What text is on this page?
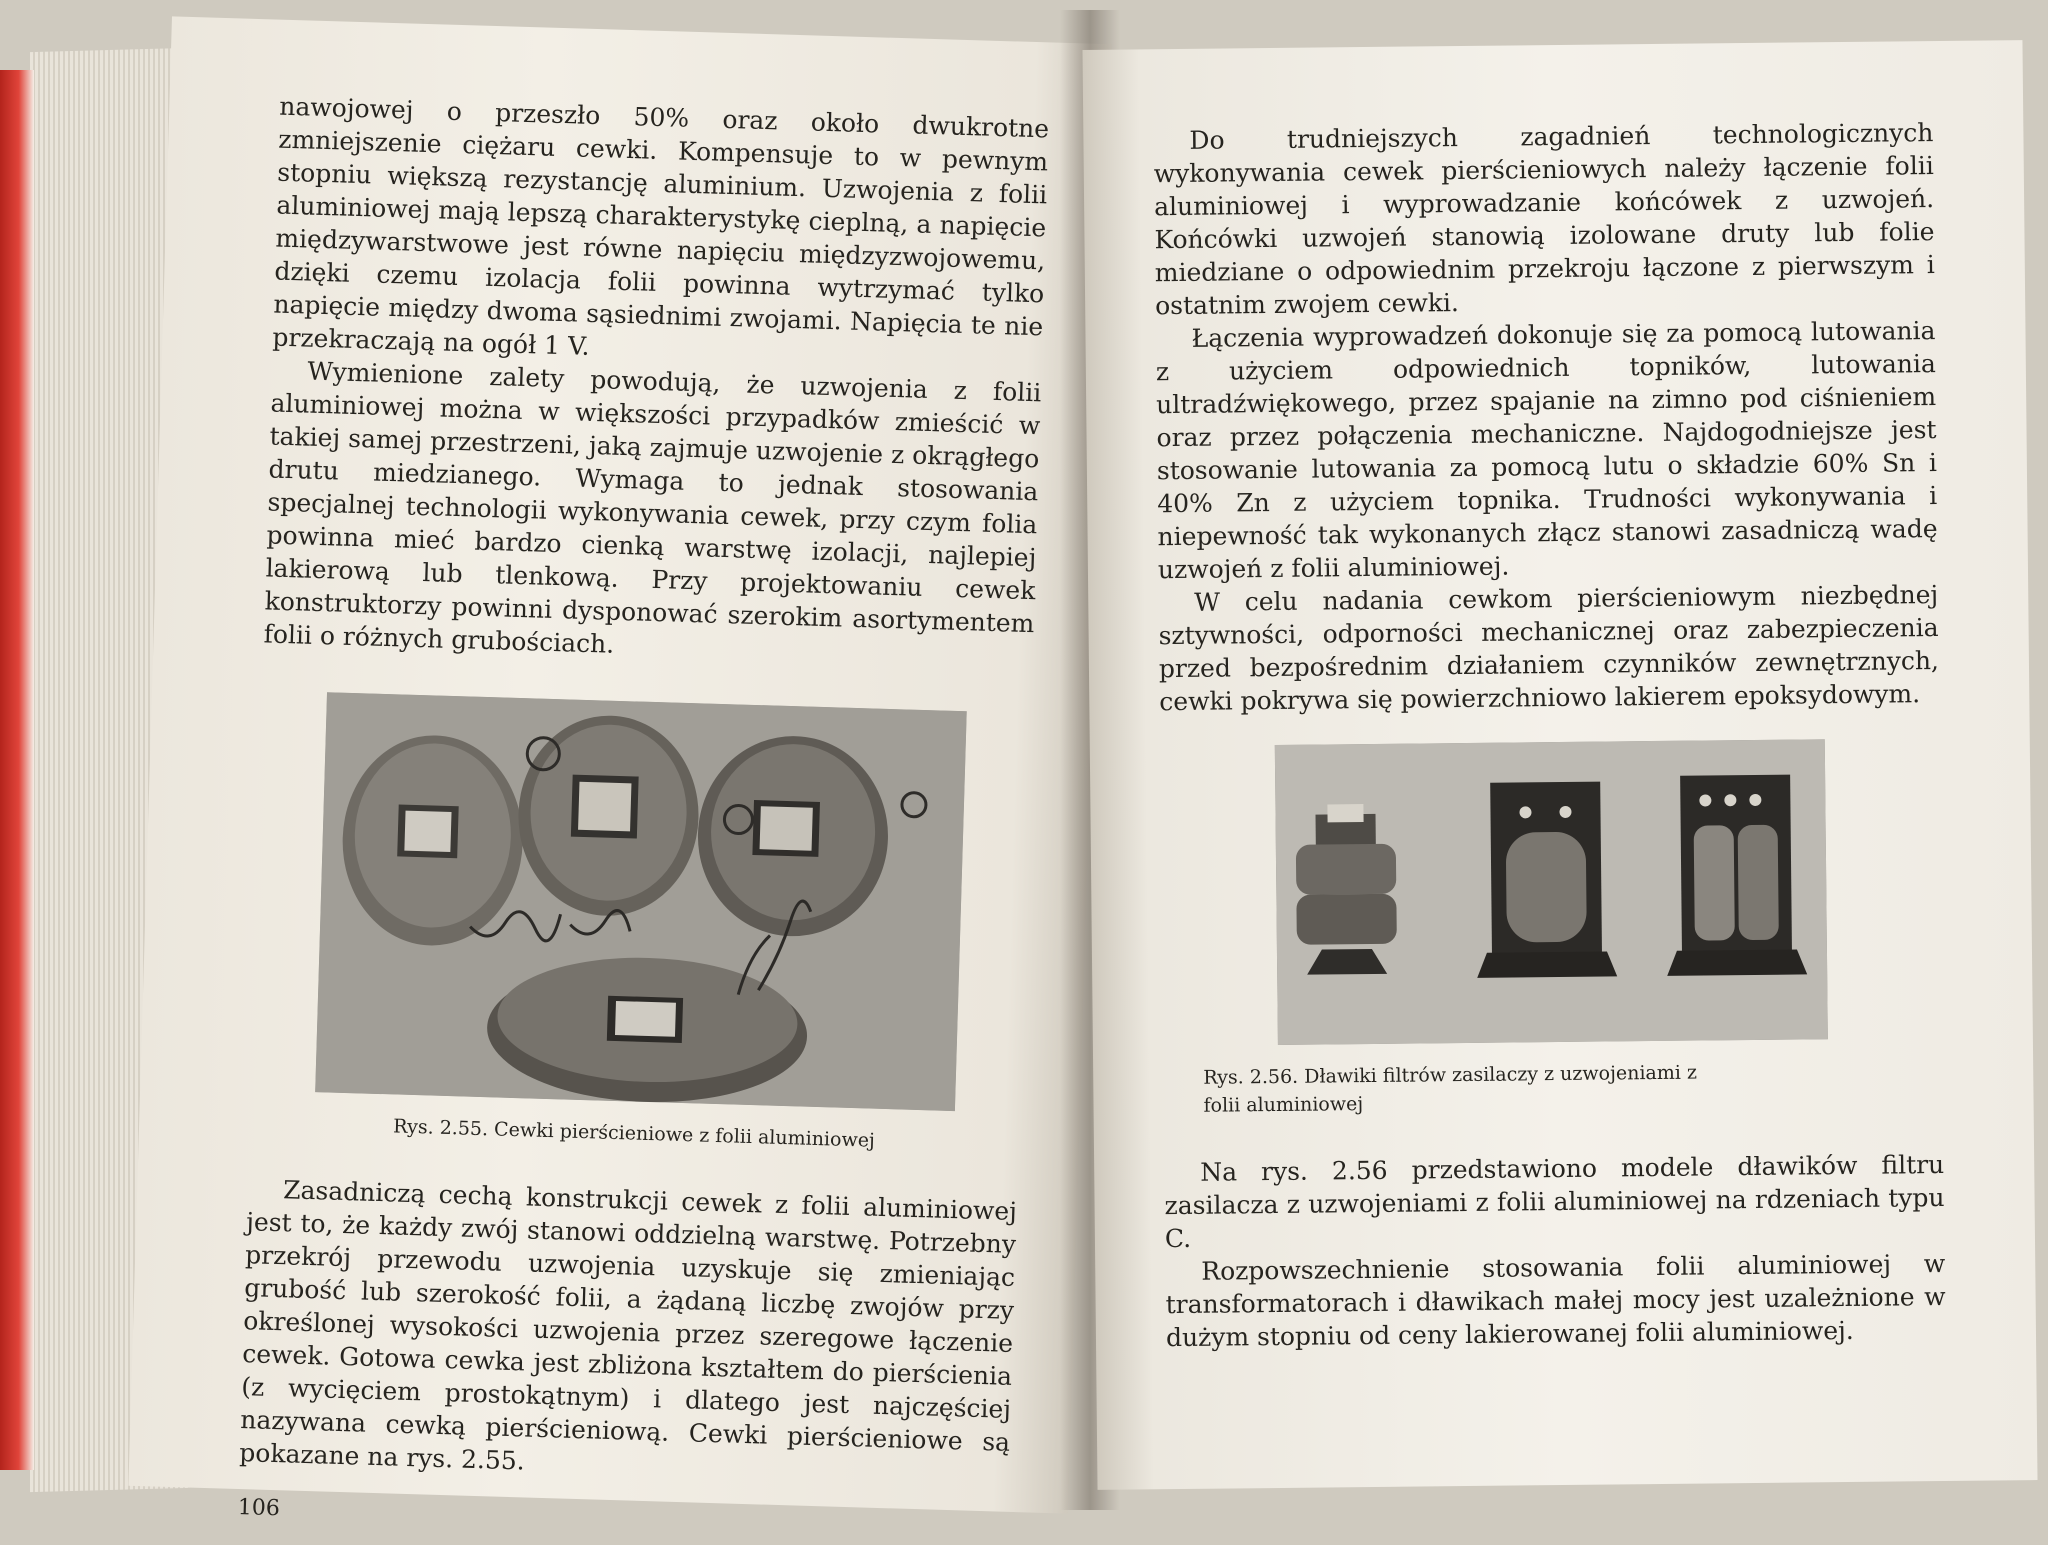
nawojowej o przeszło 50% oraz około dwukrotne zmniejszenie ciężaru cewki. Kompensuje to w pewnym stopniu większą rezystancję aluminium. Uzwojenia z folii aluminiowej mają lepszą charakterystykę cieplną, a napięcie międzywarstwowe jest równe napięciu międzyzwojowemu, dzięki czemu izolacja folii powinna wytrzymać tylko napięcie między dwoma sąsiednimi zwojami. Napięcia te nie przekraczają na ogół 1 V.

Wymienione zalety powodują, że uzwojenia z folii aluminiowej można w większości przypadków zmieścić w takiej samej przestrzeni, jaką zajmuje uzwojenie z okrągłego drutu miedzianego. Wymaga to jednak stosowania specjalnej technologii wykonywania cewek, przy czym folia powinna mieć bardzo cienką warstwę izolacji, najlepiej lakierową lub tlenkową. Przy projektowaniu cewek konstruktorzy powinni dysponować szerokim asortymentem folii o różnych grubościach.

Rys. 2.55. Cewki pierścieniowe z folii aluminiowej

Zasadniczą cechą konstrukcji cewek z folii aluminiowej jest to, że każdy zwój stanowi oddzielną warstwę. Potrzebny przekrój przewodu uzwojenia uzyskuje się zmieniając grubość lub szerokość folii, a żądaną liczbę zwojów przy określonej wysokości uzwojenia przez szeregowe łączenie cewek. Gotowa cewka jest zbliżona kształtem do pierścienia (z wycięciem prostokątnym) i dlatego jest najczęściej nazywana cewką pierścieniową. Cewki pierścieniowe są pokazane na rys. 2.55.

106

Do trudniejszych zagadnień technologicznych wykonywania cewek pierścieniowych należy łączenie folii aluminiowej i wyprowadzanie końcówek z uzwojeń. Końcówki uzwojeń stanowią izolowane druty lub folie miedziane o odpowiednim przekroju łączone z pierwszym i ostatnim zwojem cewki.

Łączenia wyprowadzeń dokonuje się za pomocą lutowania z użyciem odpowiednich topników, lutowania ultradźwiękowego, przez spajanie na zimno pod ciśnieniem oraz przez połączenia mechaniczne. Najdogodniejsze jest stosowanie lutowania za pomocą lutu o składzie 60% Sn i 40% Zn z użyciem topnika. Trudności wykonywania i niepewność tak wykonanych złącz stanowi zasadniczą wadę uzwojeń z folii aluminiowej.

W celu nadania cewkom pierścieniowym niezbędnej sztywności, odporności mechanicznej oraz zabezpieczenia przed bezpośrednim działaniem czynników zewnętrznych, cewki pokrywa się powierzchniowo lakierem epoksydowym.

Rys. 2.56. Dławiki filtrów zasilaczy z uzwojeniami z folii aluminiowej

Na rys. 2.56 przedstawiono modele dławików filtru zasilacza z uzwojeniami z folii aluminiowej na rdzeniach typu C.

Rozpowszechnienie stosowania folii aluminiowej w transformatorach i dławikach małej mocy jest uzależnione w dużym stopniu od ceny lakierowanej folii aluminiowej.
